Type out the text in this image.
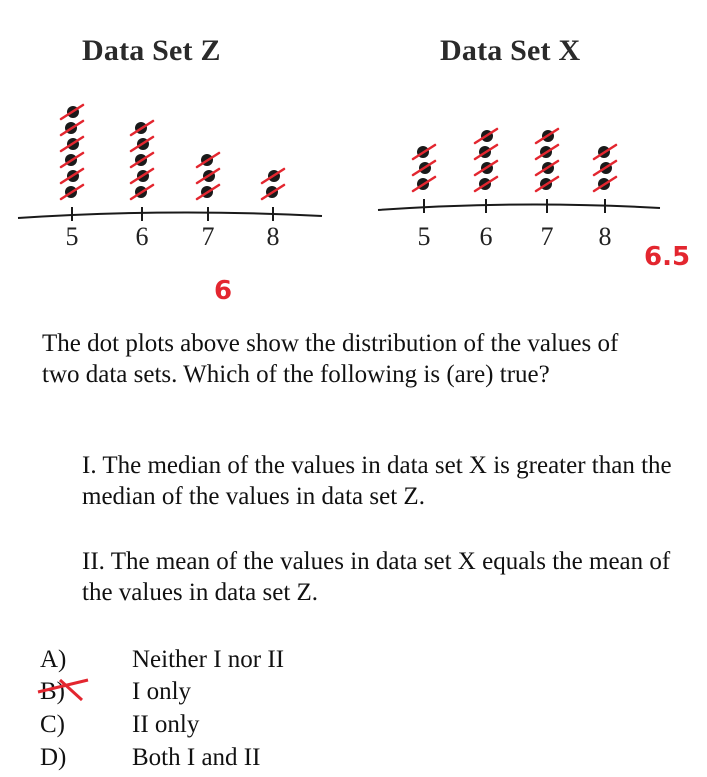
Data Set Z	Data Set X
5	6	7	8	5	6	7	8
6.5
6
The dot plots above show the distribution of the values of two data sets. Which of the following is (are) true?
I. The median of the values in data set X is greater than the median of the values in data set Z.
II. The mean of the values in data set X equals the mean of the values in data set Z.
A)	Neither I nor II
B)	I only
C)	II only
D)	Both I and II
